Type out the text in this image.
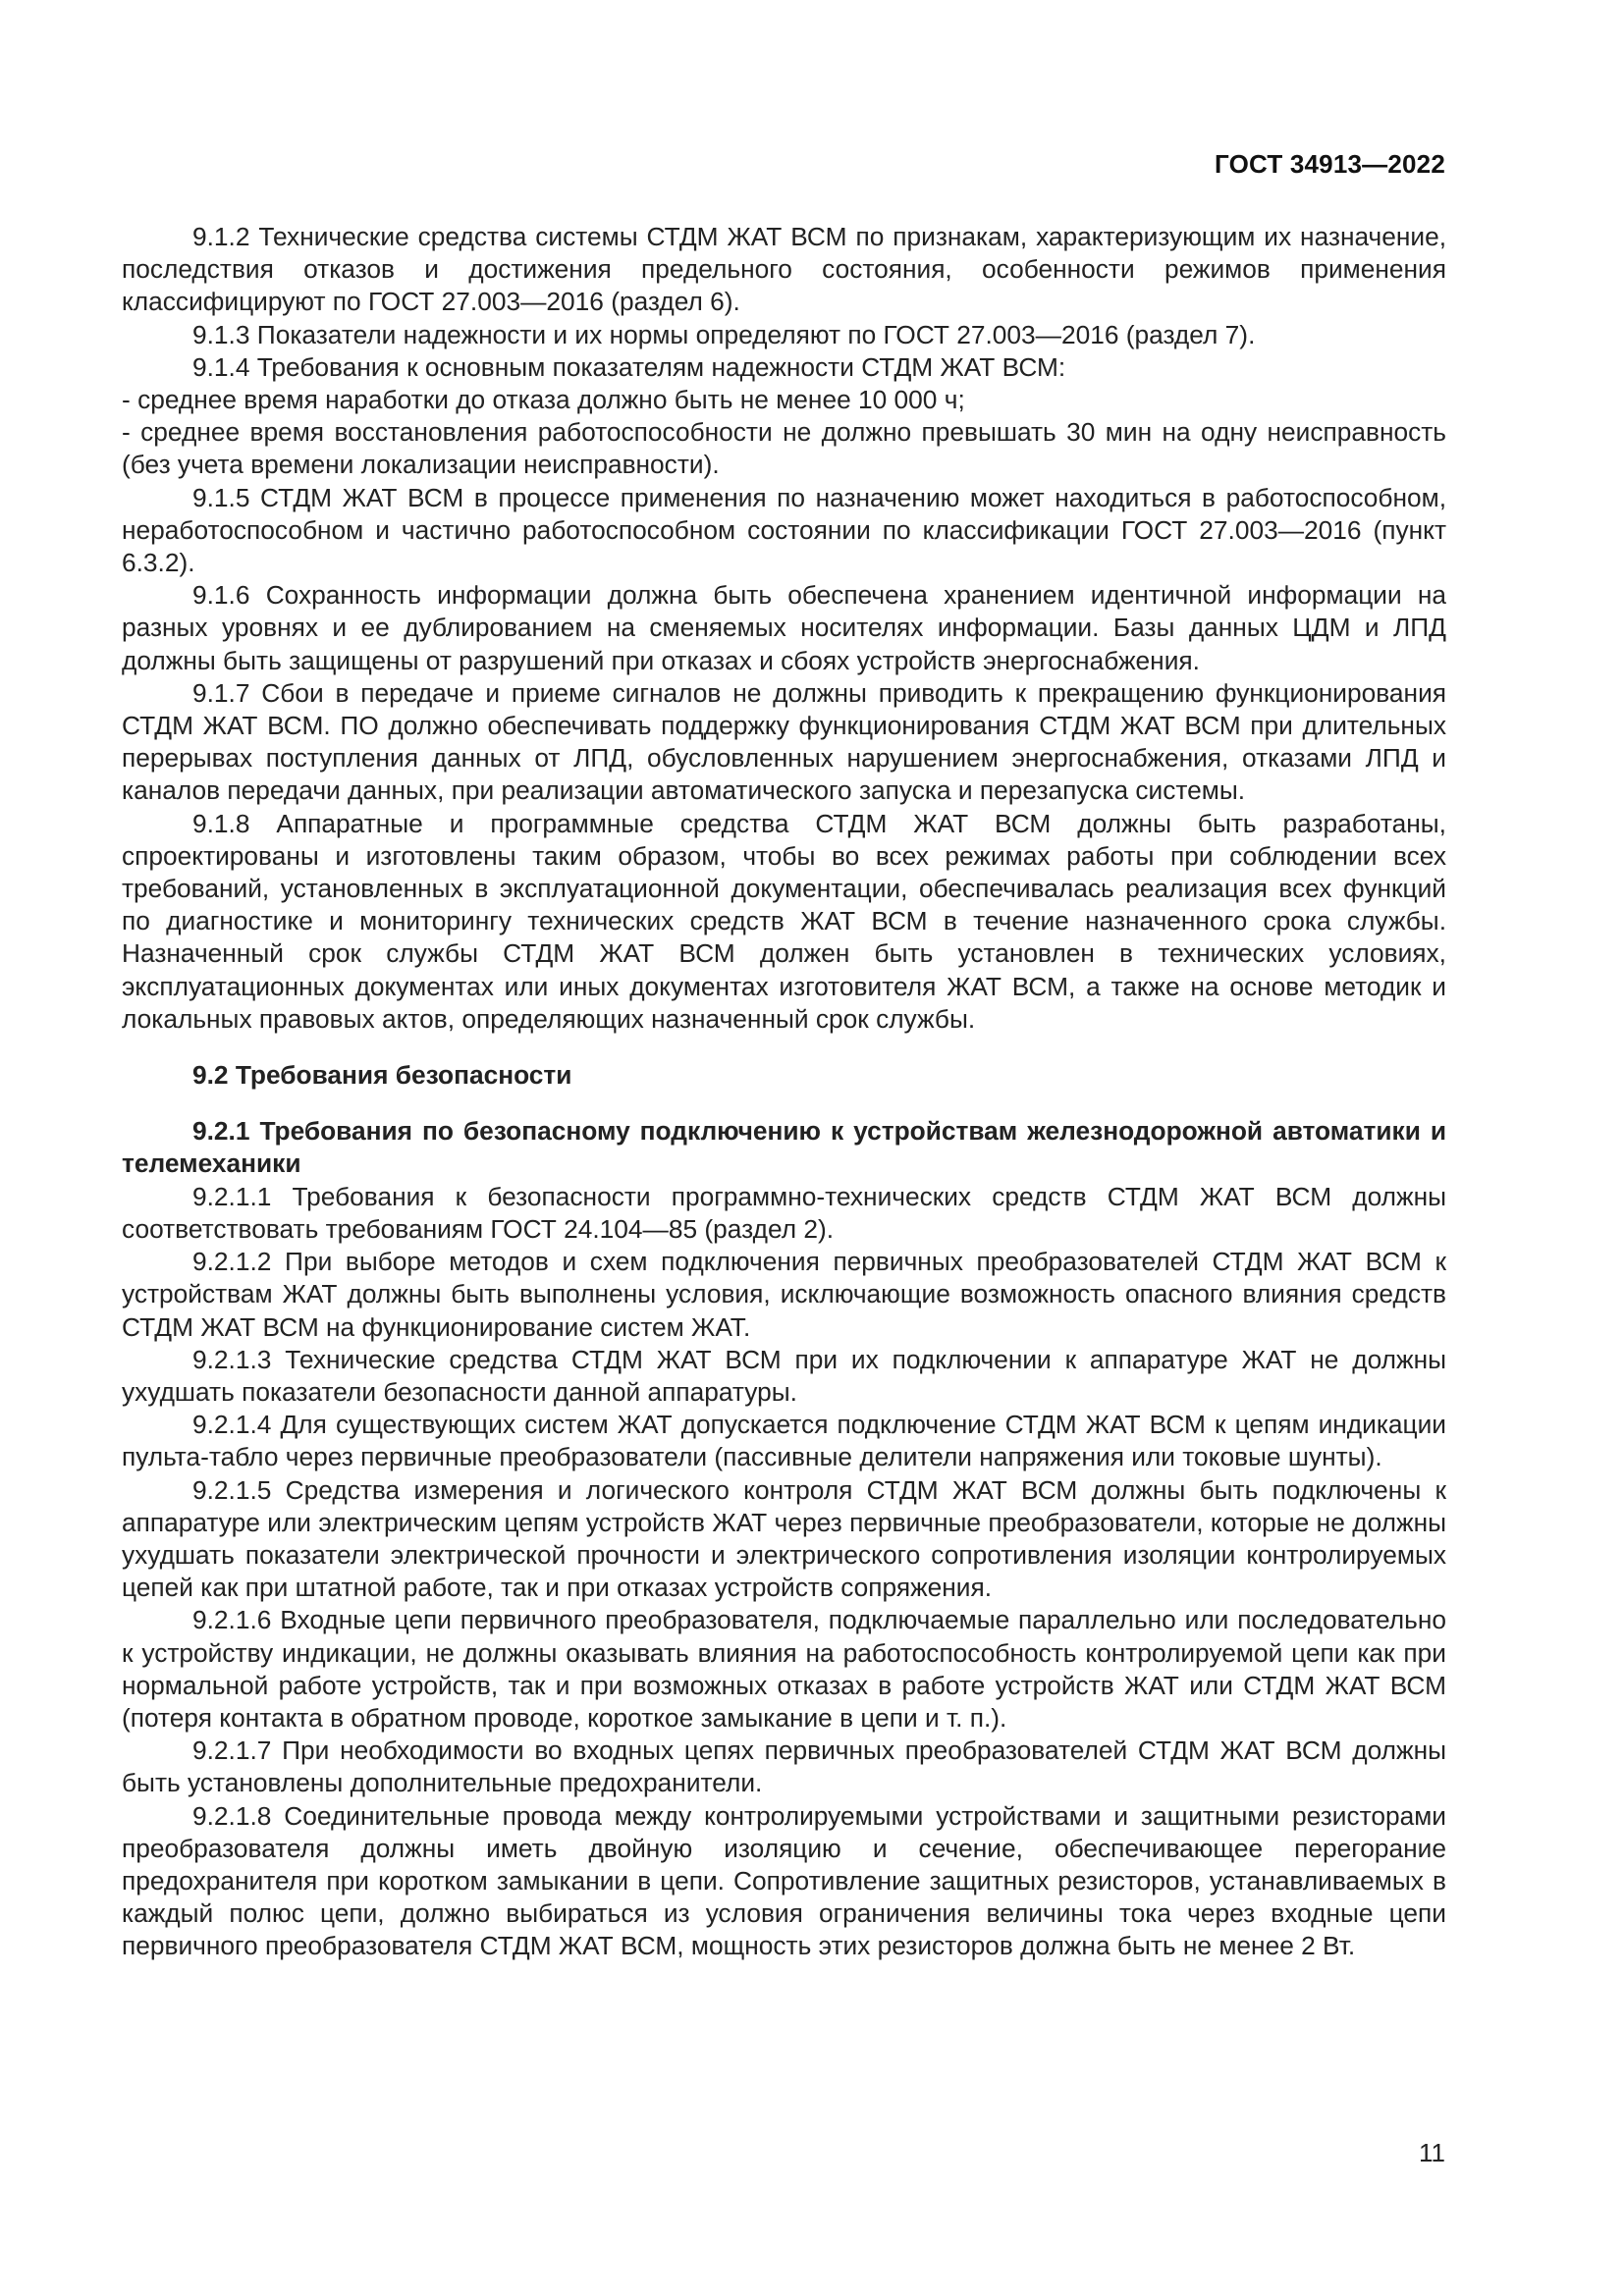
ГОСТ 34913—2022

9.1.2 Технические средства системы СТДМ ЖАТ ВСМ по признакам, характеризующим их назначение, последствия отказов и достижения предельного состояния, особенности режимов применения классифицируют по ГОСТ 27.003—2016 (раздел 6).

9.1.3 Показатели надежности и их нормы определяют по ГОСТ 27.003—2016 (раздел 7).

9.1.4 Требования к основным показателям надежности СТДМ ЖАТ ВСМ:

- среднее время наработки до отказа должно быть не менее 10 000 ч;

- среднее время восстановления работоспособности не должно превышать 30 мин на одну неисправность (без учета времени локализации неисправности).

9.1.5 СТДМ ЖАТ ВСМ в процессе применения по назначению может находиться в работоспособном, неработоспособном и частично работоспособном состоянии по классификации ГОСТ 27.003—2016 (пункт 6.3.2).

9.1.6 Сохранность информации должна быть обеспечена хранением идентичной информации на разных уровнях и ее дублированием на сменяемых носителях информации. Базы данных ЦДМ и ЛПД должны быть защищены от разрушений при отказах и сбоях устройств энергоснабжения.

9.1.7 Сбои в передаче и приеме сигналов не должны приводить к прекращению функционирования СТДМ ЖАТ ВСМ. ПО должно обеспечивать поддержку функционирования СТДМ ЖАТ ВСМ при длительных перерывах поступления данных от ЛПД, обусловленных нарушением энергоснабжения, отказами ЛПД и каналов передачи данных, при реализации автоматического запуска и перезапуска системы.

9.1.8 Аппаратные и программные средства СТДМ ЖАТ ВСМ должны быть разработаны, спроектированы и изготовлены таким образом, чтобы во всех режимах работы при соблюдении всех требований, установленных в эксплуатационной документации, обеспечивалась реализация всех функций по диагностике и мониторингу технических средств ЖАТ ВСМ в течение назначенного срока службы. Назначенный срок службы СТДМ ЖАТ ВСМ должен быть установлен в технических условиях, эксплуатационных документах или иных документах изготовителя ЖАТ ВСМ, а также на основе методик и локальных правовых актов, определяющих назначенный срок службы.

9.2 Требования безопасности

9.2.1 Требования по безопасному подключению к устройствам железнодорожной автоматики и телемеханики

9.2.1.1 Требования к безопасности программно-технических средств СТДМ ЖАТ ВСМ должны соответствовать требованиям ГОСТ 24.104—85 (раздел 2).

9.2.1.2 При выборе методов и схем подключения первичных преобразователей СТДМ ЖАТ ВСМ к устройствам ЖАТ должны быть выполнены условия, исключающие возможность опасного влияния средств СТДМ ЖАТ ВСМ на функционирование систем ЖАТ.

9.2.1.3 Технические средства СТДМ ЖАТ ВСМ при их подключении к аппаратуре ЖАТ не должны ухудшать показатели безопасности данной аппаратуры.

9.2.1.4 Для существующих систем ЖАТ допускается подключение СТДМ ЖАТ ВСМ к цепям индикации пульта-табло через первичные преобразователи (пассивные делители напряжения или токовые шунты).

9.2.1.5 Средства измерения и логического контроля СТДМ ЖАТ ВСМ должны быть подключены к аппаратуре или электрическим цепям устройств ЖАТ через первичные преобразователи, которые не должны ухудшать показатели электрической прочности и электрического сопротивления изоляции контролируемых цепей как при штатной работе, так и при отказах устройств сопряжения.

9.2.1.6 Входные цепи первичного преобразователя, подключаемые параллельно или последовательно к устройству индикации, не должны оказывать влияния на работоспособность контролируемой цепи как при нормальной работе устройств, так и при возможных отказах в работе устройств ЖАТ или СТДМ ЖАТ ВСМ (потеря контакта в обратном проводе, короткое замыкание в цепи и т. п.).

9.2.1.7 При необходимости во входных цепях первичных преобразователей СТДМ ЖАТ ВСМ должны быть установлены дополнительные предохранители.

9.2.1.8 Соединительные провода между контролируемыми устройствами и защитными резисторами преобразователя должны иметь двойную изоляцию и сечение, обеспечивающее перегорание предохранителя при коротком замыкании в цепи. Сопротивление защитных резисторов, устанавливаемых в каждый полюс цепи, должно выбираться из условия ограничения величины тока через входные цепи первичного преобразователя СТДМ ЖАТ ВСМ, мощность этих резисторов должна быть не менее 2 Вт.

11
